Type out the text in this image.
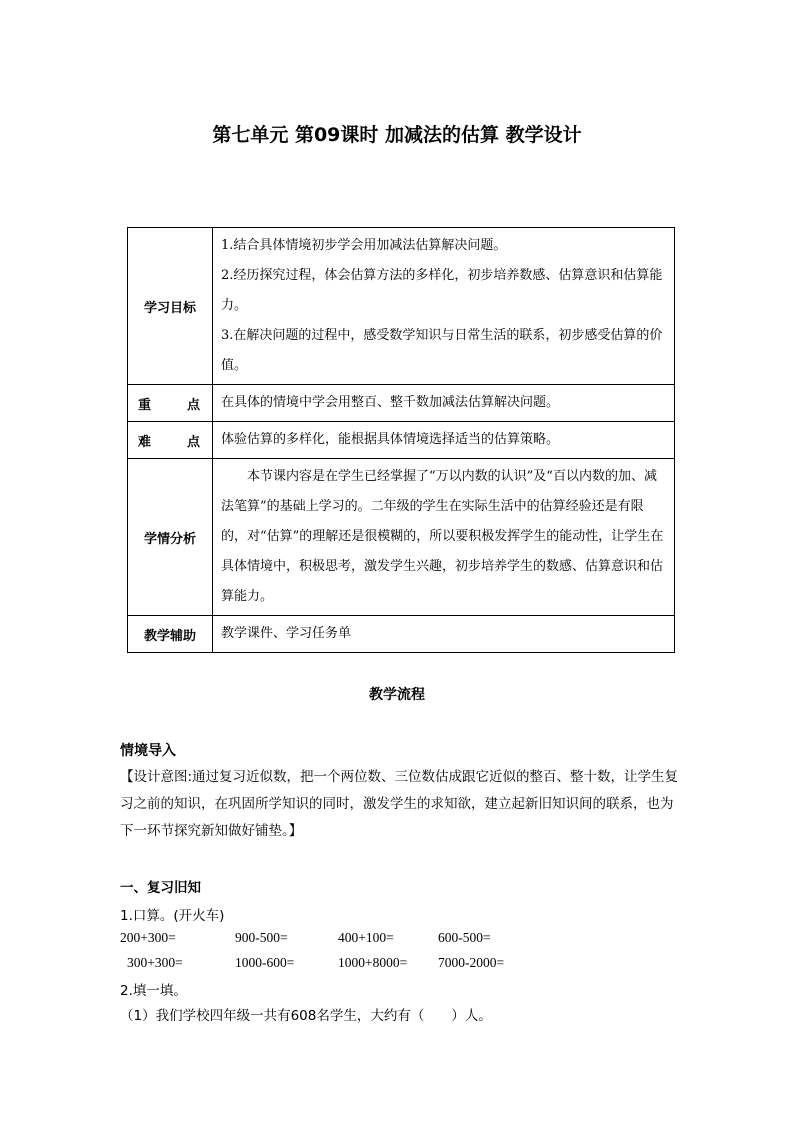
第七单元 第09课时 加减法的估算 教学设计
学习目标	1.结合具体情境初步学会用加减法估算解决问题。
2.经历探究过程，体会估算方法的多样化，初步培养数感、估算意识和估算能力。
3.在解决问题的过程中，感受数学知识与日常生活的联系，初步感受估算的价值。

重 点	在具体的情境中学会用整百、整千数加减法估算解决问题。

难 点	体验估算的多样化，能根据具体情境选择适当的估算策略。
学情分析	本节课内容是在学生已经掌握了“万以内数的认识”及“百以内数的加、减法笔算”的基础上学习的。二年级的学生在实际生活中的估算经验还是有限的，对“估算”的理解还是很模糊的，所以要积极发挥学生的能动性，让学生在具体情境中，积极思考，激发学生兴趣，初步培养学生的数感、估算意识和估算能力。
教学辅助	教学课件、学习任务单
教学流程
情境导入
【设计意图:通过复习近似数，把一个两位数、三位数估成跟它近似的整百、整十数，让学生复习之前的知识，在巩固所学知识的同时，激发学生的求知欲，建立起新旧知识间的联系，也为下一环节探究新知做好铺垫。】
一、复习旧知
1.口算。(开火车)
200+300=	900-500=	400+100=	600-500=
300+300=	1000-600=	1000+8000= 7000-2000=
2.填一填。
（1）我们学校四年级一共有608名学生，大约有（　　）人。
